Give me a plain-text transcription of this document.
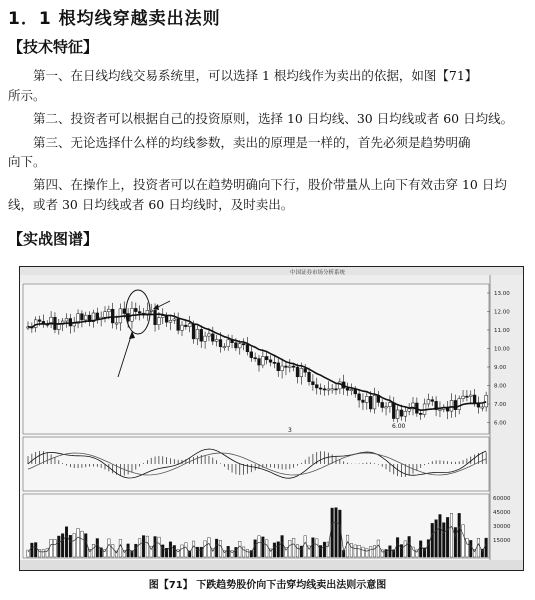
1．1 根均线穿越卖出法则
【技术特征】

第一、在日线均线交易系统里，可以选择 1 根均线作为卖出的依据，如图【71】

所示。

第二、投资者可以根据自己的投资原则，选择 10 日均线、30 日均线或者 60 日均线。

第三、无论选择什么样的均线参数，卖出的原理是一样的，首先必须是趋势明确

向下。

第四、在操作上，投资者可以在趋势明确向下行，股价带量从上向下有效击穿 10 日均

线，或者 30 日均线或者 60 日均线时，及时卖出。

【实战图谱】
中国证券市场分析系统
13.00
12.00
11.00
10.00
9.00
8.00
7.00
6.00
60000
45000
30000
15000
6.00
3
图【71】 下跌趋势股价向下击穿均线卖出法则示意图
